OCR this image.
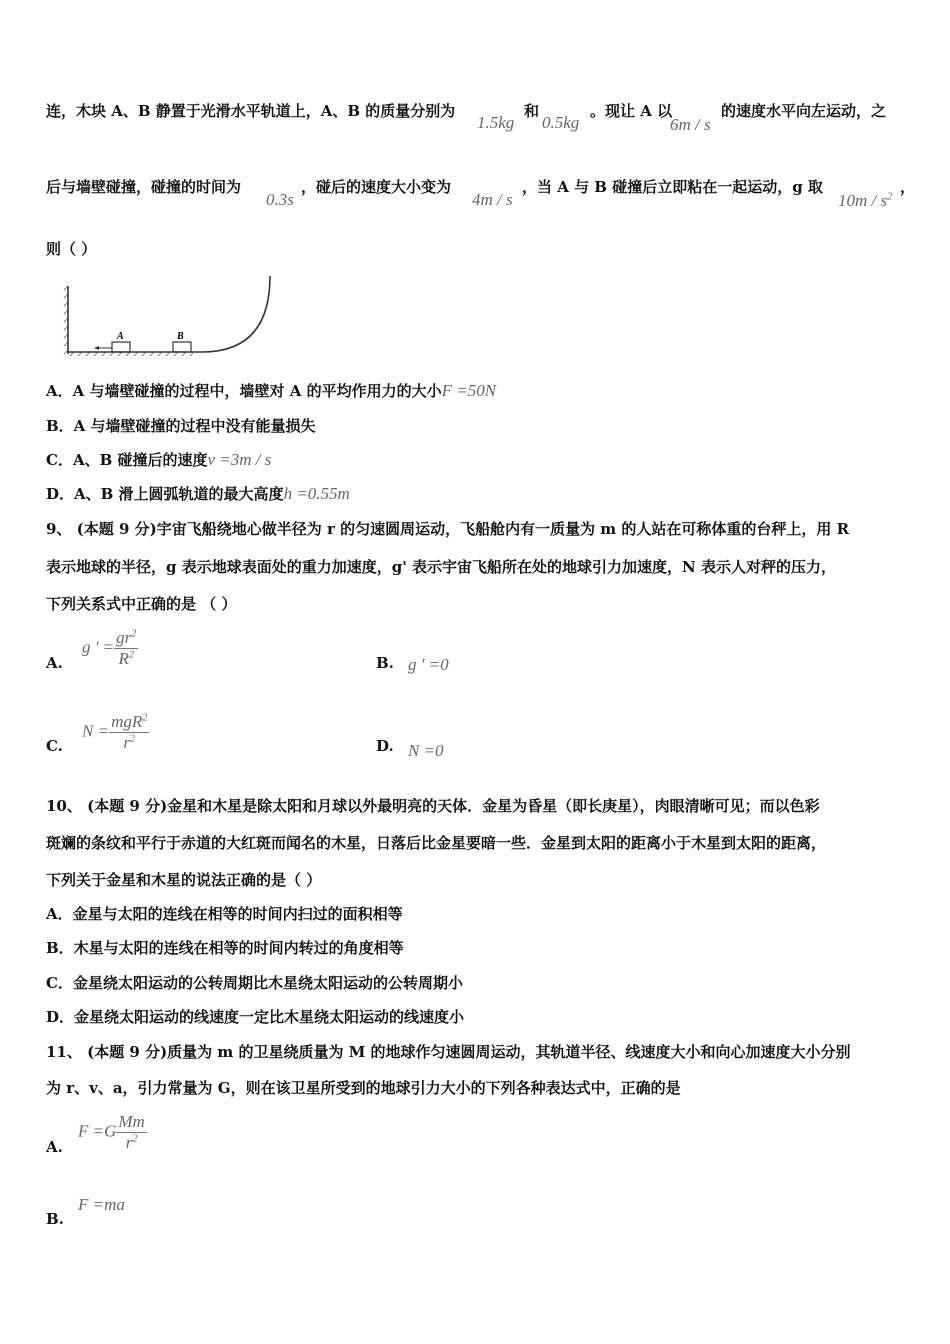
连，木块 A、B 静置于光滑水平轨道上，A、B 的质量分别为
1.5kg
和
0.5kg
。现让 A 以
6m / s
的速度水平向左运动，之
后与墙壁碰撞，碰撞的时间为
0.3s
，碰后的速度大小变为
4m / s
，当 A 与 B 碰撞后立即粘在一起运动，g 取
$10m / s^2$
，
则（ ）
A	B
A．A 与墙壁碰撞的过程中，墙壁对 A 的平均作用力的大小F =50N
B．A 与墙壁碰撞的过程中没有能量损失
C．A、B 碰撞后的速度v =3m / s
D．A、B 滑上圆弧轨道的最大高度h =0.55m
9、 (本题 9 分)宇宙飞船绕地心做半径为 r 的匀速圆周运动，飞船舱内有一质量为 m 的人站在可称体重的台秤上，用 R
表示地球的半径，g 表示地球表面处的重力加速度，g' 表示宇宙飞船所在处的地球引力加速度，N 表示人对秤的压力，
下列关系式中正确的是 （ ）
A.
g ' = $\frac{gr^2}{R^2}$	B. g ' =0
C.
$N = \frac{mgR^2}{r^2}$	D. N =0
10、 (本题 9 分)金星和木星是除太阳和月球以外最明亮的天体．金星为昏星（即长庚星），肉眼清晰可见；而以色彩
斑斓的条纹和平行于赤道的大红斑而闻名的木星，日落后比金星要暗一些．金星到太阳的距离小于木星到太阳的距离，
下列关于金星和木星的说法正确的是（ ）
A．金星与太阳的连线在相等的时间内扫过的面积相等
B．木星与太阳的连线在相等的时间内转过的角度相等
C．金星绕太阳运动的公转周期比木星绕太阳运动的公转周期小
D．金星绕太阳运动的线速度一定比木星绕太阳运动的线速度小
11、 (本题 9 分)质量为 m 的卫星绕质量为 M 的地球作匀速圆周运动，其轨道半径、线速度大小和向心加速度大小分别
为 r、v、a，引力常量为 G，则在该卫星所受到的地球引力大小的下列各种表达式中，正确的是
A.
$F =G \frac{Mm}{r^2}$
B.
F =ma
